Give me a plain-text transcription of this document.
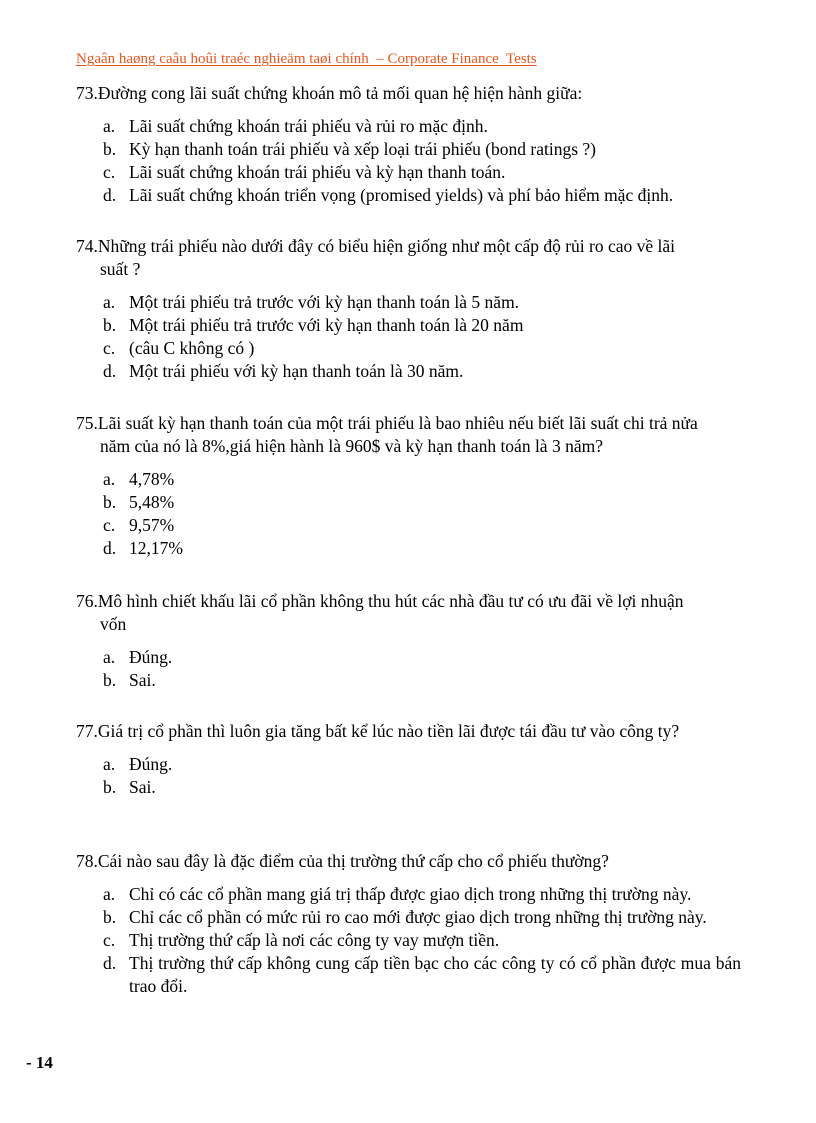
Ngaân haøng caâu hoûi traéc nghieäm taøi chính  – Corporate Finance  Tests
73.Đường cong lãi suất chứng khoán mô tả mối quan hệ hiện hành giữa:
a. Lãi suất chứng khoán trái phiếu và rủi ro mặc định.
b. Kỳ hạn thanh toán trái phiếu và xếp loại trái phiếu (bond ratings ?)
c. Lãi suất chứng khoán trái phiếu và kỳ hạn thanh toán.
d. Lãi suất chứng khoán triển vọng (promised yields) và phí bảo hiểm mặc định.
74.Những trái phiếu nào dưới đây có biểu hiện giống như một cấp độ rủi ro cao về lãi
suất ?
a. Một trái phiếu trả trước với kỳ hạn thanh toán là 5 năm.
b. Một trái phiếu trả trước với kỳ hạn thanh toán là 20 năm
c. (câu C không có )
d. Một trái phiếu với kỳ hạn thanh toán là 30 năm.
75.Lãi suất kỳ hạn thanh toán của một trái phiếu là bao nhiêu nếu biết lãi suất chi trả nửa
năm của nó là 8%,giá hiện hành là 960$ và kỳ hạn thanh toán là 3 năm?
a. 4,78%
b. 5,48%
c. 9,57%
d. 12,17%
76.Mô hình chiết khấu lãi cổ phần không thu hút các nhà đầu tư có ưu đãi về lợi nhuận
vốn
a. Đúng.
b. Sai.
77.Giá trị cổ phần thì luôn gia tăng bất kể lúc nào tiền lãi được tái đầu tư vào công ty?
a. Đúng.
b. Sai.
78.Cái nào sau đây là đặc điểm của thị trường thứ cấp cho cổ phiếu thường?
a. Chỉ có các cổ phần mang giá trị thấp được giao dịch trong những thị trường này.
b. Chỉ các cổ phần có mức rủi ro cao mới được giao dịch trong những thị trường này.
c. Thị trường thứ cấp là nơi các công ty vay mượn tiền.
d. Thị trường thứ cấp không cung cấp tiền bạc cho các công ty có cổ phần được mua bán trao đổi.
- 14
